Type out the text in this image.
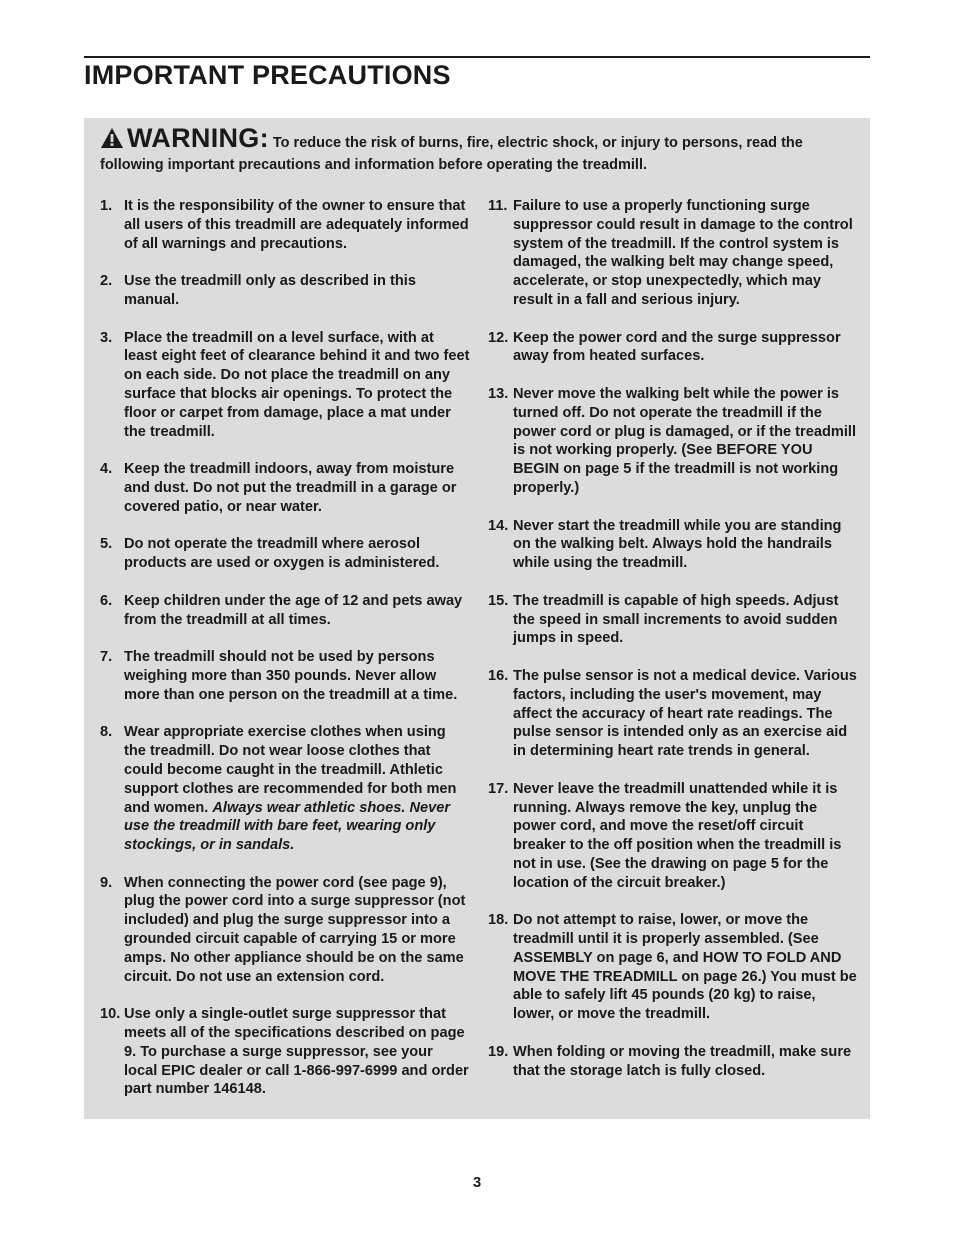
IMPORTANT PRECAUTIONS
WARNING: To reduce the risk of burns, fire, electric shock, or injury to persons, read the following important precautions and information before operating the treadmill.
1. It is the responsibility of the owner to ensure that all users of this treadmill are adequately informed of all warnings and precautions.
2. Use the treadmill only as described in this manual.
3. Place the treadmill on a level surface, with at least eight feet of clearance behind it and two feet on each side. Do not place the treadmill on any surface that blocks air openings. To protect the floor or carpet from damage, place a mat under the treadmill.
4. Keep the treadmill indoors, away from moisture and dust. Do not put the treadmill in a garage or covered patio, or near water.
5. Do not operate the treadmill where aerosol products are used or oxygen is administered.
6. Keep children under the age of 12 and pets away from the treadmill at all times.
7. The treadmill should not be used by persons weighing more than 350 pounds. Never allow more than one person on the treadmill at a time.
8. Wear appropriate exercise clothes when using the treadmill. Do not wear loose clothes that could become caught in the treadmill. Athletic support clothes are recommended for both men and women. Always wear athletic shoes. Never use the treadmill with bare feet, wearing only stockings, or in sandals.
9. When connecting the power cord (see page 9), plug the power cord into a surge suppressor (not included) and plug the surge suppressor into a grounded circuit capable of carrying 15 or more amps. No other appliance should be on the same circuit. Do not use an extension cord.
10. Use only a single-outlet surge suppressor that meets all of the specifications described on page 9. To purchase a surge suppressor, see your local EPIC dealer or call 1-866-997-6999 and order part number 146148.
11. Failure to use a properly functioning surge suppressor could result in damage to the control system of the treadmill. If the control system is damaged, the walking belt may change speed, accelerate, or stop unexpectedly, which may result in a fall and serious injury.
12. Keep the power cord and the surge suppressor away from heated surfaces.
13. Never move the walking belt while the power is turned off. Do not operate the treadmill if the power cord or plug is damaged, or if the treadmill is not working properly. (See BEFORE YOU BEGIN on page 5 if the treadmill is not working properly.)
14. Never start the treadmill while you are standing on the walking belt. Always hold the handrails while using the treadmill.
15. The treadmill is capable of high speeds. Adjust the speed in small increments to avoid sudden jumps in speed.
16. The pulse sensor is not a medical device. Various factors, including the user's movement, may affect the accuracy of heart rate readings. The pulse sensor is intended only as an exercise aid in determining heart rate trends in general.
17. Never leave the treadmill unattended while it is running. Always remove the key, unplug the power cord, and move the reset/off circuit breaker to the off position when the treadmill is not in use. (See the drawing on page 5 for the location of the circuit breaker.)
18. Do not attempt to raise, lower, or move the treadmill until it is properly assembled. (See ASSEMBLY on page 6, and HOW TO FOLD AND MOVE THE TREADMILL on page 26.) You must be able to safely lift 45 pounds (20 kg) to raise, lower, or move the treadmill.
19. When folding or moving the treadmill, make sure that the storage latch is fully closed.
3
